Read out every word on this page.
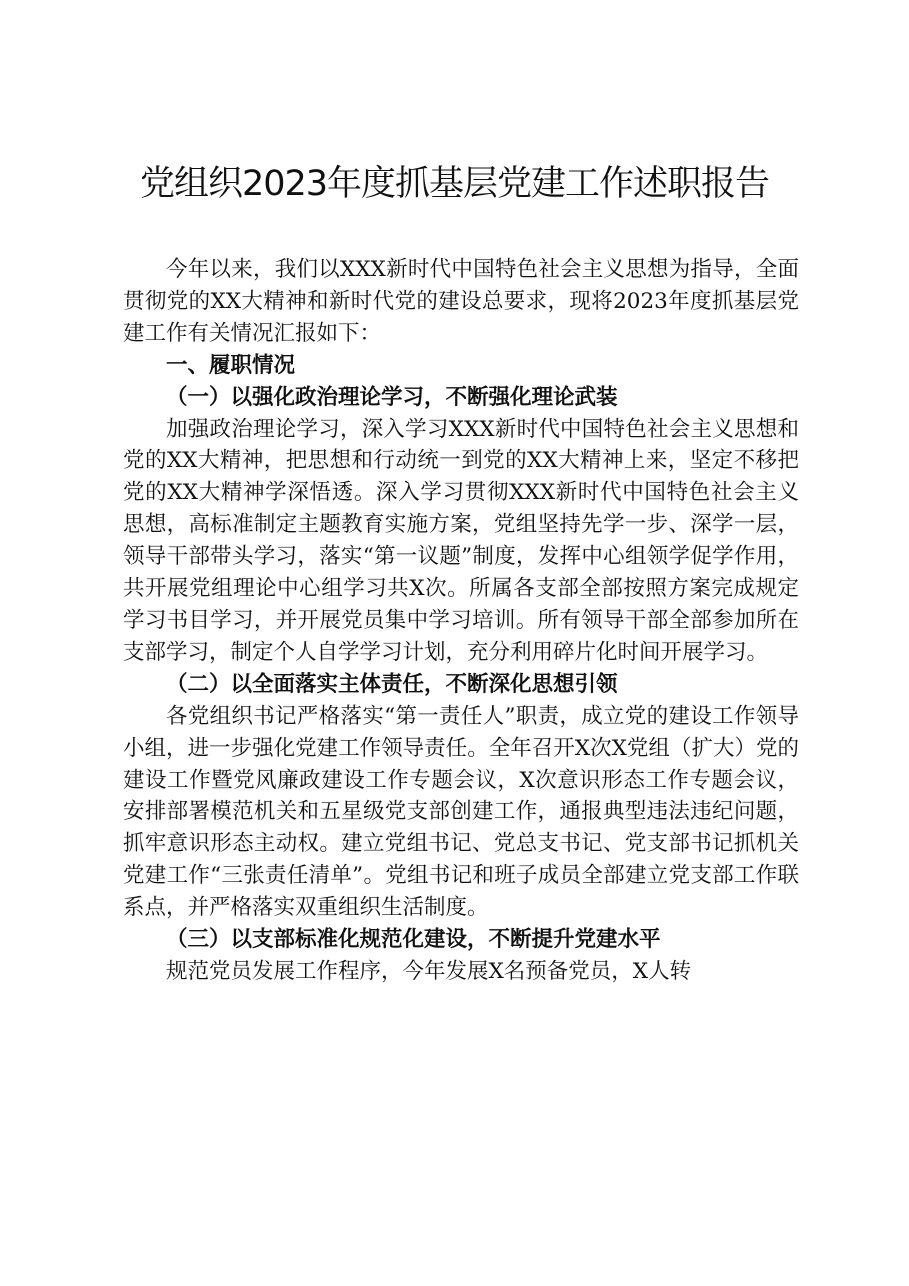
党组织2023年度抓基层党建工作述职报告

今年以来，我们以XXX新时代中国特色社会主义思想为指导，全面贯彻党的XX大精神和新时代党的建设总要求，现将2023年度抓基层党建工作有关情况汇报如下：

一、履职情况

（一）以强化政治理论学习，不断强化理论武装

加强政治理论学习，深入学习XXX新时代中国特色社会主义思想和党的XX大精神，把思想和行动统一到党的XX大精神上来，坚定不移把党的XX大精神学深悟透。深入学习贯彻XXX新时代中国特色社会主义思想，高标准制定主题教育实施方案，党组坚持先学一步、深学一层，领导干部带头学习，落实“第一议题”制度，发挥中心组领学促学作用，共开展党组理论中心组学习共X次。所属各支部全部按照方案完成规定学习书目学习，并开展党员集中学习培训。所有领导干部全部参加所在支部学习，制定个人自学学习计划，充分利用碎片化时间开展学习。

（二）以全面落实主体责任，不断深化思想引领

各党组织书记严格落实“第一责任人”职责，成立党的建设工作领导小组，进一步强化党建工作领导责任。全年召开X次X党组（扩大）党的建设工作暨党风廉政建设工作专题会议，X次意识形态工作专题会议，安排部署模范机关和五星级党支部创建工作，通报典型违法违纪问题，抓牢意识形态主动权。建立党组书记、党总支书记、党支部书记抓机关党建工作“三张责任清单”。党组书记和班子成员全部建立党支部工作联系点，并严格落实双重组织生活制度。

（三）以支部标准化规范化建设，不断提升党建水平

规范党员发展工作程序，今年发展X名预备党员，X人转
